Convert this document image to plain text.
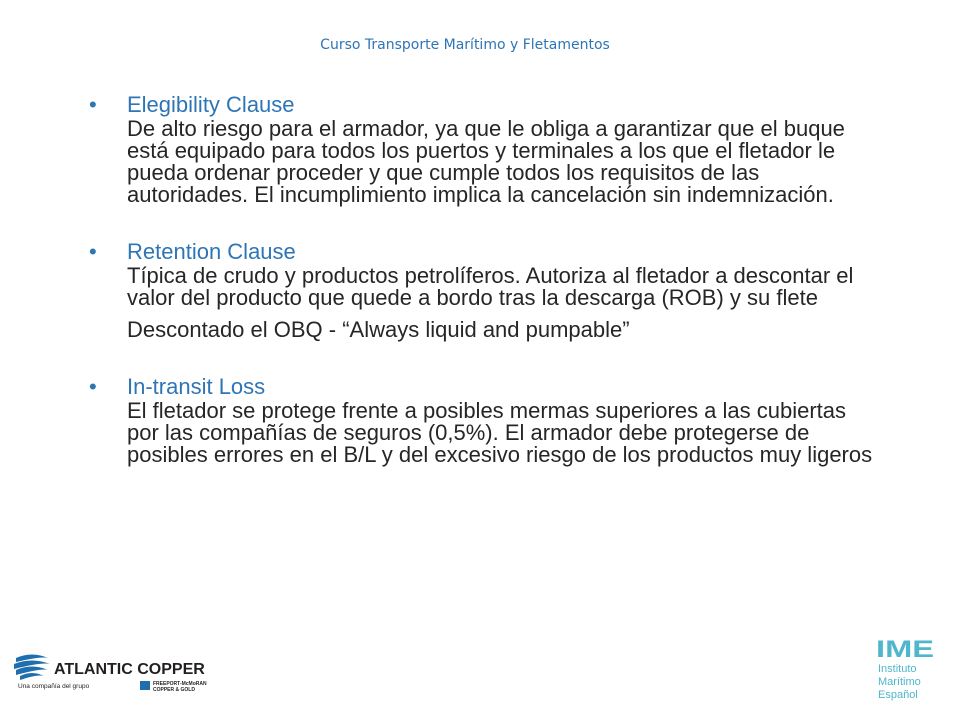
Curso Transporte Marítimo y Fletamentos
•	Elegibility Clause
De alto riesgo para el armador, ya que le obliga a garantizar que el buque está equipado para todos los puertos y terminales a los que el fletador le pueda ordenar proceder y que cumple todos los requisitos de las autoridades. El incumplimiento implica la cancelación sin indemnización.
•	Retention Clause
Típica de crudo y productos petrolíferos. Autoriza al fletador a descontar el valor del producto que quede a bordo tras la descarga (ROB) y su flete
Descontado el OBQ - “Always liquid and pumpable”
•	In-transit Loss
El fletador se protege frente a posibles mermas superiores a las cubiertas por las compañías de seguros (0,5%). El armador debe protegerse de posibles errores en el B/L y del excesivo riesgo de los productos muy ligeros
ATLANTIC COPPER
Una compañía del grupo	FREEPORT-McMoRAN
COPPER & GOLD
IME
Instituto
Marítimo
Español
